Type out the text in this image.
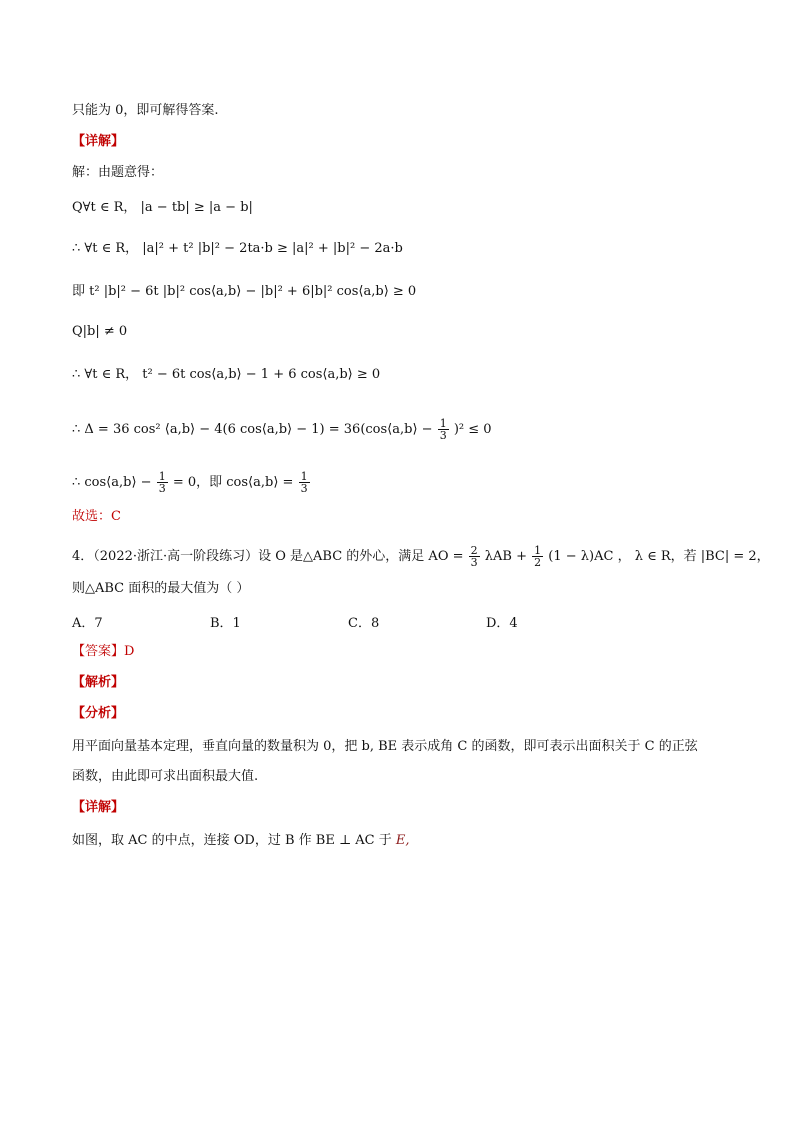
只能为 0，即可解得答案.
【详解】
解：由题意得：
Q∀t ∈ R， |a − tb| ≥ |a − b|
∴ ∀t ∈ R， |a|² + t² |b|² − 2ta·b ≥ |a|² + |b|² − 2a·b
即 t² |b|² − 6t |b|² cos⟨a,b⟩ − |b|² + 6|b|² cos⟨a,b⟩ ≥ 0
Q|b| ≠ 0
∴ ∀t ∈ R， t² − 6t cos⟨a,b⟩ − 1 + 6 cos⟨a,b⟩ ≥ 0
∴ Δ = 36 cos² ⟨a,b⟩ − 4(6 cos⟨a,b⟩ − 1) = 36(cos⟨a,b⟩ − $\frac{1}{3} )^2 \le 0$
∴ cos⟨a,b⟩ − $\frac{1}{3} = 0$，即 cos⟨a,b⟩ = $\frac{1}{3}$
故选：C
4．（2022·浙江·高一阶段练习）设 O 是△ABC 的外心，满足 AO = $\frac{2}{3}$ $\lambda AB + \frac{1}{2} (1 - \lambda)AC$ ， λ ∈ R，若 |BC| = 2，
则△ABC 面积的最大值为（ ）
A．7	B．1	C．8	D．4
【答案】D
【解析】
【分析】
用平面向量基本定理，垂直向量的数量积为 0，把 b, BE 表示成角 C 的函数，即可表示出面积关于 C 的正弦
函数，由此即可求出面积最大值.
【详解】
如图，取 AC 的中点，连接 OD，过 B 作 BE ⊥ AC 于 E,
